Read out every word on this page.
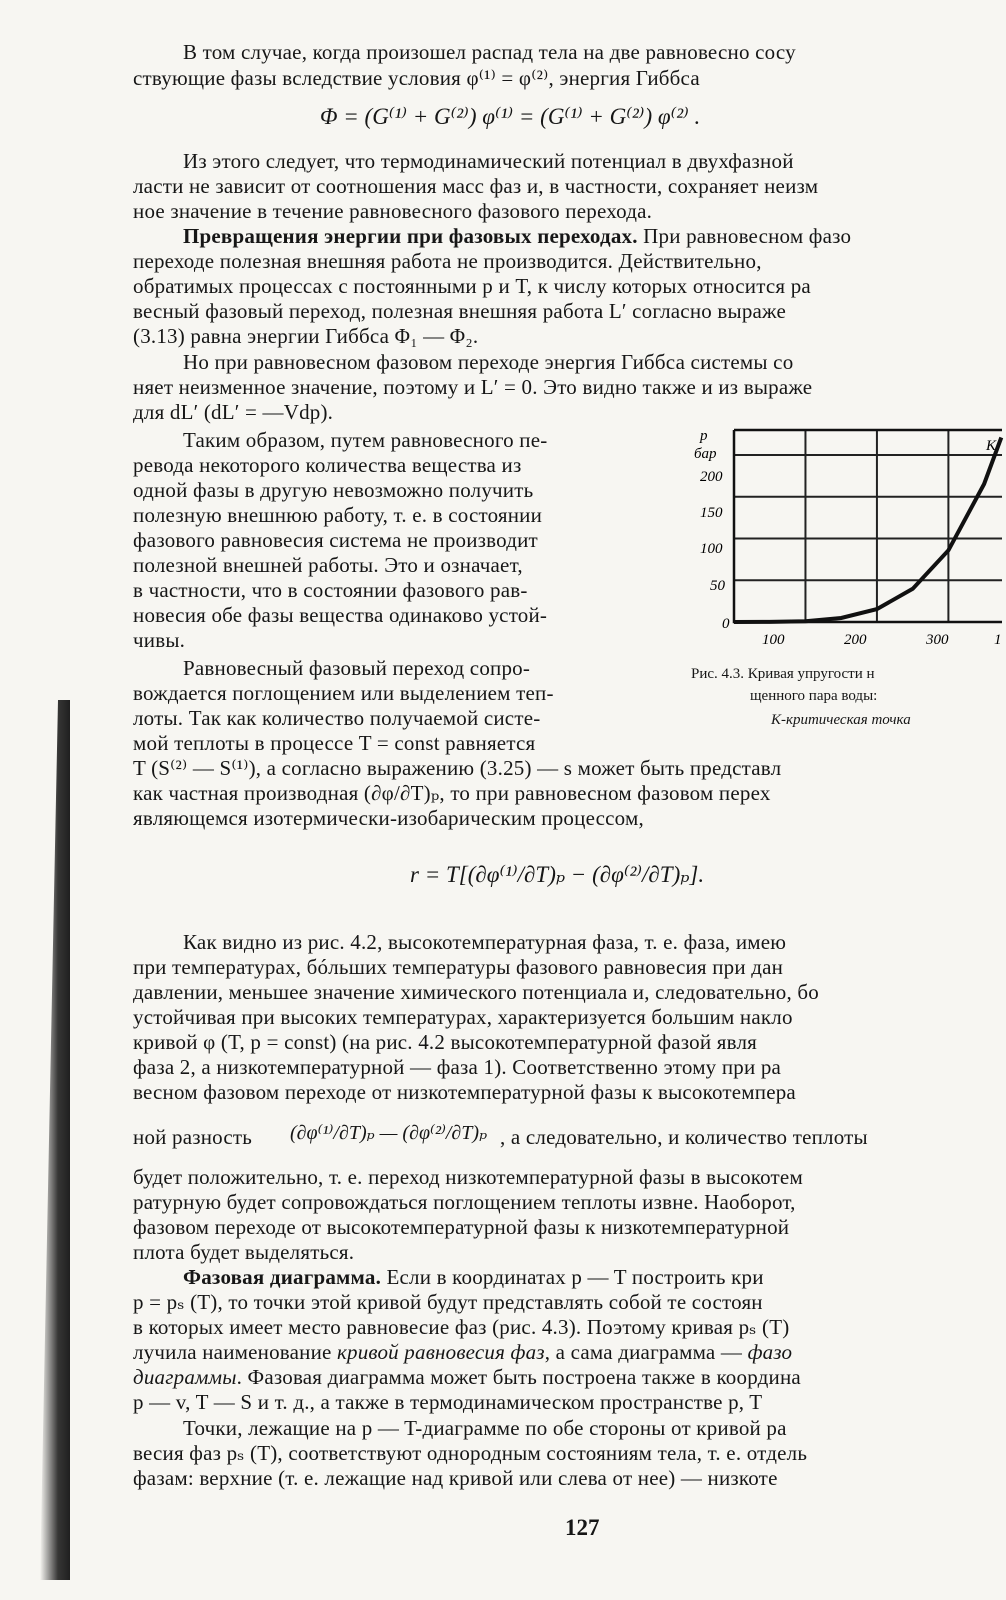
В том случае, когда произошел распад тела на две равновесно сосу
ствующие фазы вследствие условия φ⁽¹⁾ = φ⁽²⁾, энергия Гиббса
Φ = (G⁽¹⁾ + G⁽²⁾) φ⁽¹⁾ = (G⁽¹⁾ + G⁽²⁾) φ⁽²⁾ .
Из этого следует, что термодинамический потенциал в двухфазной
ласти не зависит от соотношения масс фаз и, в частности, сохраняет неизм
ное значение в течение равновесного фазового перехода.
Превращения энергии при фазовых переходах. При равновесном фазо
переходе полезная внешняя работа не производится. Действительно,
обратимых процессах с постоянными p и T, к числу которых относится ра
весный фазовый переход, полезная внешняя работа L′ согласно выраже
(3.13) равна энергии Гиббса Φ₁ — Φ₂.
Но при равновесном фазовом переходе энергия Гиббса системы со
няет неизменное значение, поэтому и L′ = 0. Это видно также и из выраже
для dL′ (dL′ = —Vdp).
Таким образом, путем равновесного пе-
ревода некоторого количества вещества из
одной фазы в другую невозможно получить
полезную внешнюю работу, т. е. в состоянии
фазового равновесия система не производит
полезной внешней работы. Это и означает,
в частности, что в состоянии фазового рав-
новесия обе фазы вещества одинаково устой-
чивы.
Равновесный фазовый переход сопро-
вождается поглощением или выделением теп-
лоты. Так как количество получаемой систе-
мой теплоты в процессе T = const равняется
T (S⁽²⁾ — S⁽¹⁾), а согласно выражению (3.25) — s может быть представл
как частная производная (∂φ/∂T)ₚ, то при равновесном фазовом перех
являющемся изотермически-изобарическим процессом,
r = T[(∂φ⁽¹⁾/∂T)ₚ − (∂φ⁽²⁾/∂T)ₚ].
Как видно из рис. 4.2, высокотемпературная фаза, т. е. фаза, имею
при температурах, бóльших температуры фазового равновесия при дан
давлении, меньшее значение химического потенциала и, следовательно, бо
устойчивая при высоких температурах, характеризуется большим накло
кривой φ (T, p = const) (на рис. 4.2 высокотемпературной фазой явля
фаза 2, а низкотемпературной — фаза 1). Соответственно этому при ра
весном фазовом переходе от низкотемпературной фазы к высокотемпера
ной разность (∂φ⁽¹⁾/∂T)ₚ — (∂φ⁽²⁾/∂T)ₚ , а следовательно, и количество теплоты
будет положительно, т. е. переход низкотемпературной фазы в высокотем
ратурную будет сопровождаться поглощением теплоты извне. Наоборот,
фазовом переходе от высокотемпературной фазы к низкотемпературной
плота будет выделяться.
Фазовая диаграмма. Если в координатах p — T построить кри
p = pₛ (T), то точки этой кривой будут представлять собой те состоян
в которых имеет место равновесие фаз (рис. 4.3). Поэтому кривая pₛ (T)
лучила наименование кривой равновесия фаз, а сама диаграмма — фазо
диаграммы. Фазовая диаграмма может быть построена также в координа
p — v, T — S и т. д., а также в термодинамическом пространстве p, T
Точки, лежащие на p — T-диаграмме по обе стороны от кривой ра
весия фаз pₛ (T), соответствуют однородным состояниям тела, т. е. отдель
фазам: верхние (т. е. лежащие над кривой или слева от нее) — низкоте
p
бар	К
200
150
100
50
0
100	200	300	1
Рис. 4.3. Кривая упругости н
щенного пара воды:
К-критическая точка
127
